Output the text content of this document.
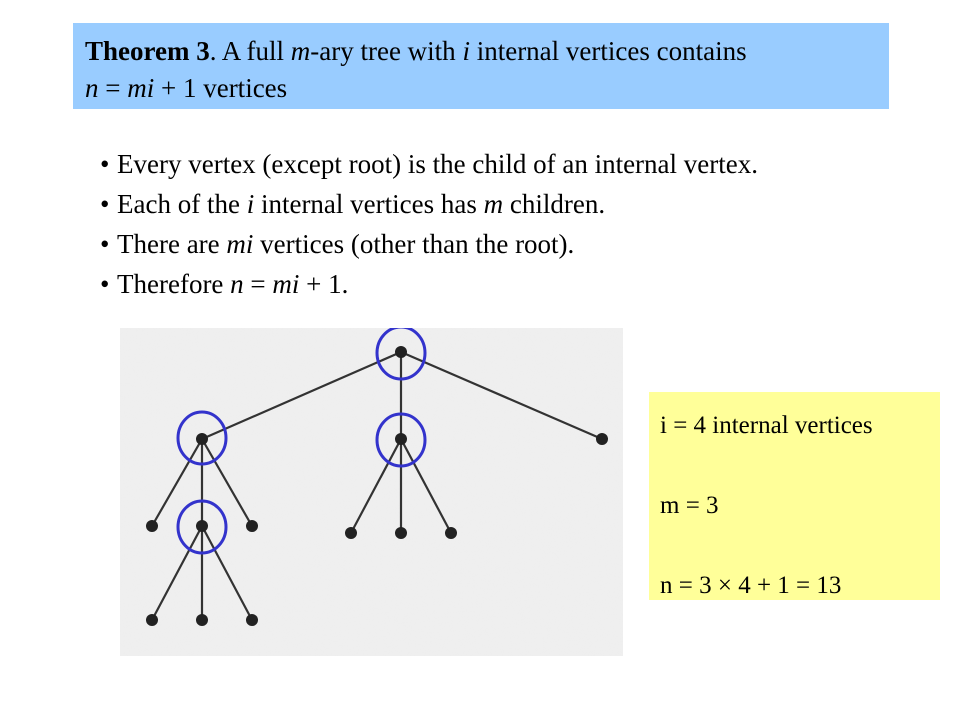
Theorem 3. A full m-ary tree with i internal vertices contains
n = mi + 1 vertices
• Every vertex (except root) is the child of an internal vertex.
• Each of the i internal vertices has m children.
• There are mi vertices (other than the root).
• Therefore n = mi + 1.
i = 4 internal vertices
m = 3
n = 3 × 4 + 1 = 13
